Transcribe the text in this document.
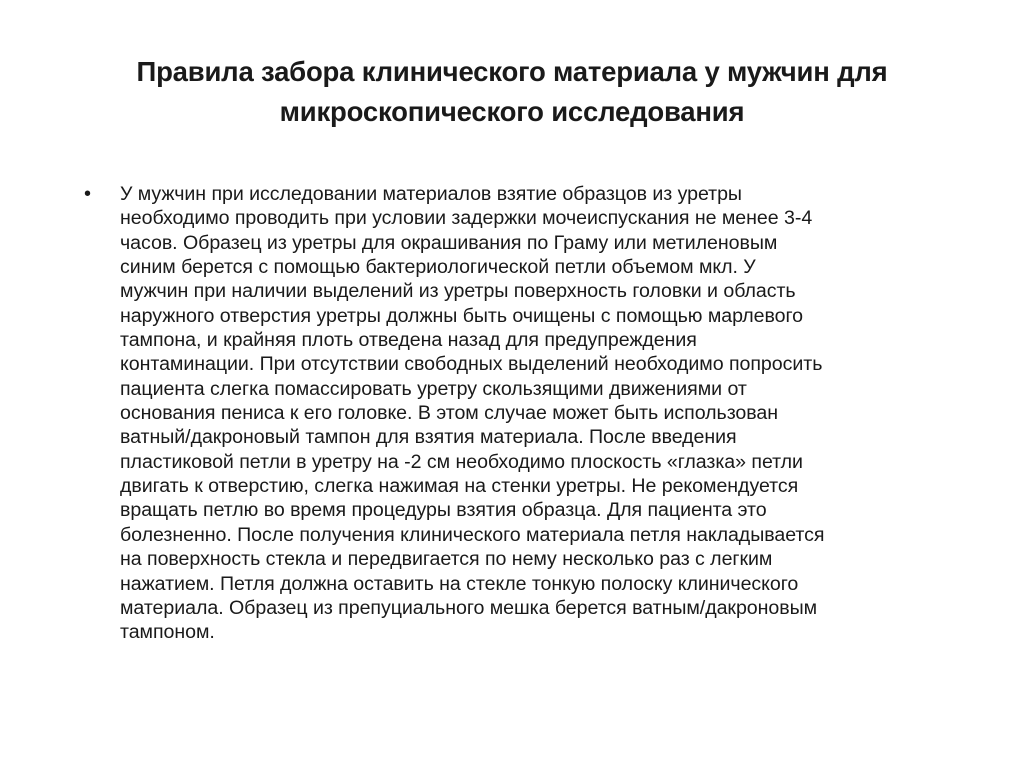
Правила забора клинического материала у мужчин для
микроскопического исследования
• У мужчин при исследовании материалов взятие образцов из уретры
необходимо проводить при условии задержки мочеиспускания не менее 3-4
часов. Образец из уретры для окрашивания по Граму или метиленовым
синим берется с помощью бактериологической петли объемом мкл. У
мужчин при наличии выделений из уретры поверхность головки и область
наружного отверстия уретры должны быть очищены с помощью марлевого
тампона, и крайняя плоть отведена назад для предупреждения
контаминации. При отсутствии свободных выделений необходимо попросить
пациента слегка помассировать уретру скользящими движениями от
основания пениса к его головке. В этом случае может быть использован
ватный/дакроновый тампон для взятия материала. После введения
пластиковой петли в уретру на -2 см необходимо плоскость «глазка» петли
двигать к отверстию, слегка нажимая на стенки уретры. Не рекомендуется
вращать петлю во время процедуры взятия образца. Для пациента это
болезненно. После получения клинического материала петля накладывается
на поверхность стекла и передвигается по нему несколько раз с легким
нажатием. Петля должна оставить на стекле тонкую полоску клинического
материала. Образец из препуциального мешка берется ватным/дакроновым
тампоном.
